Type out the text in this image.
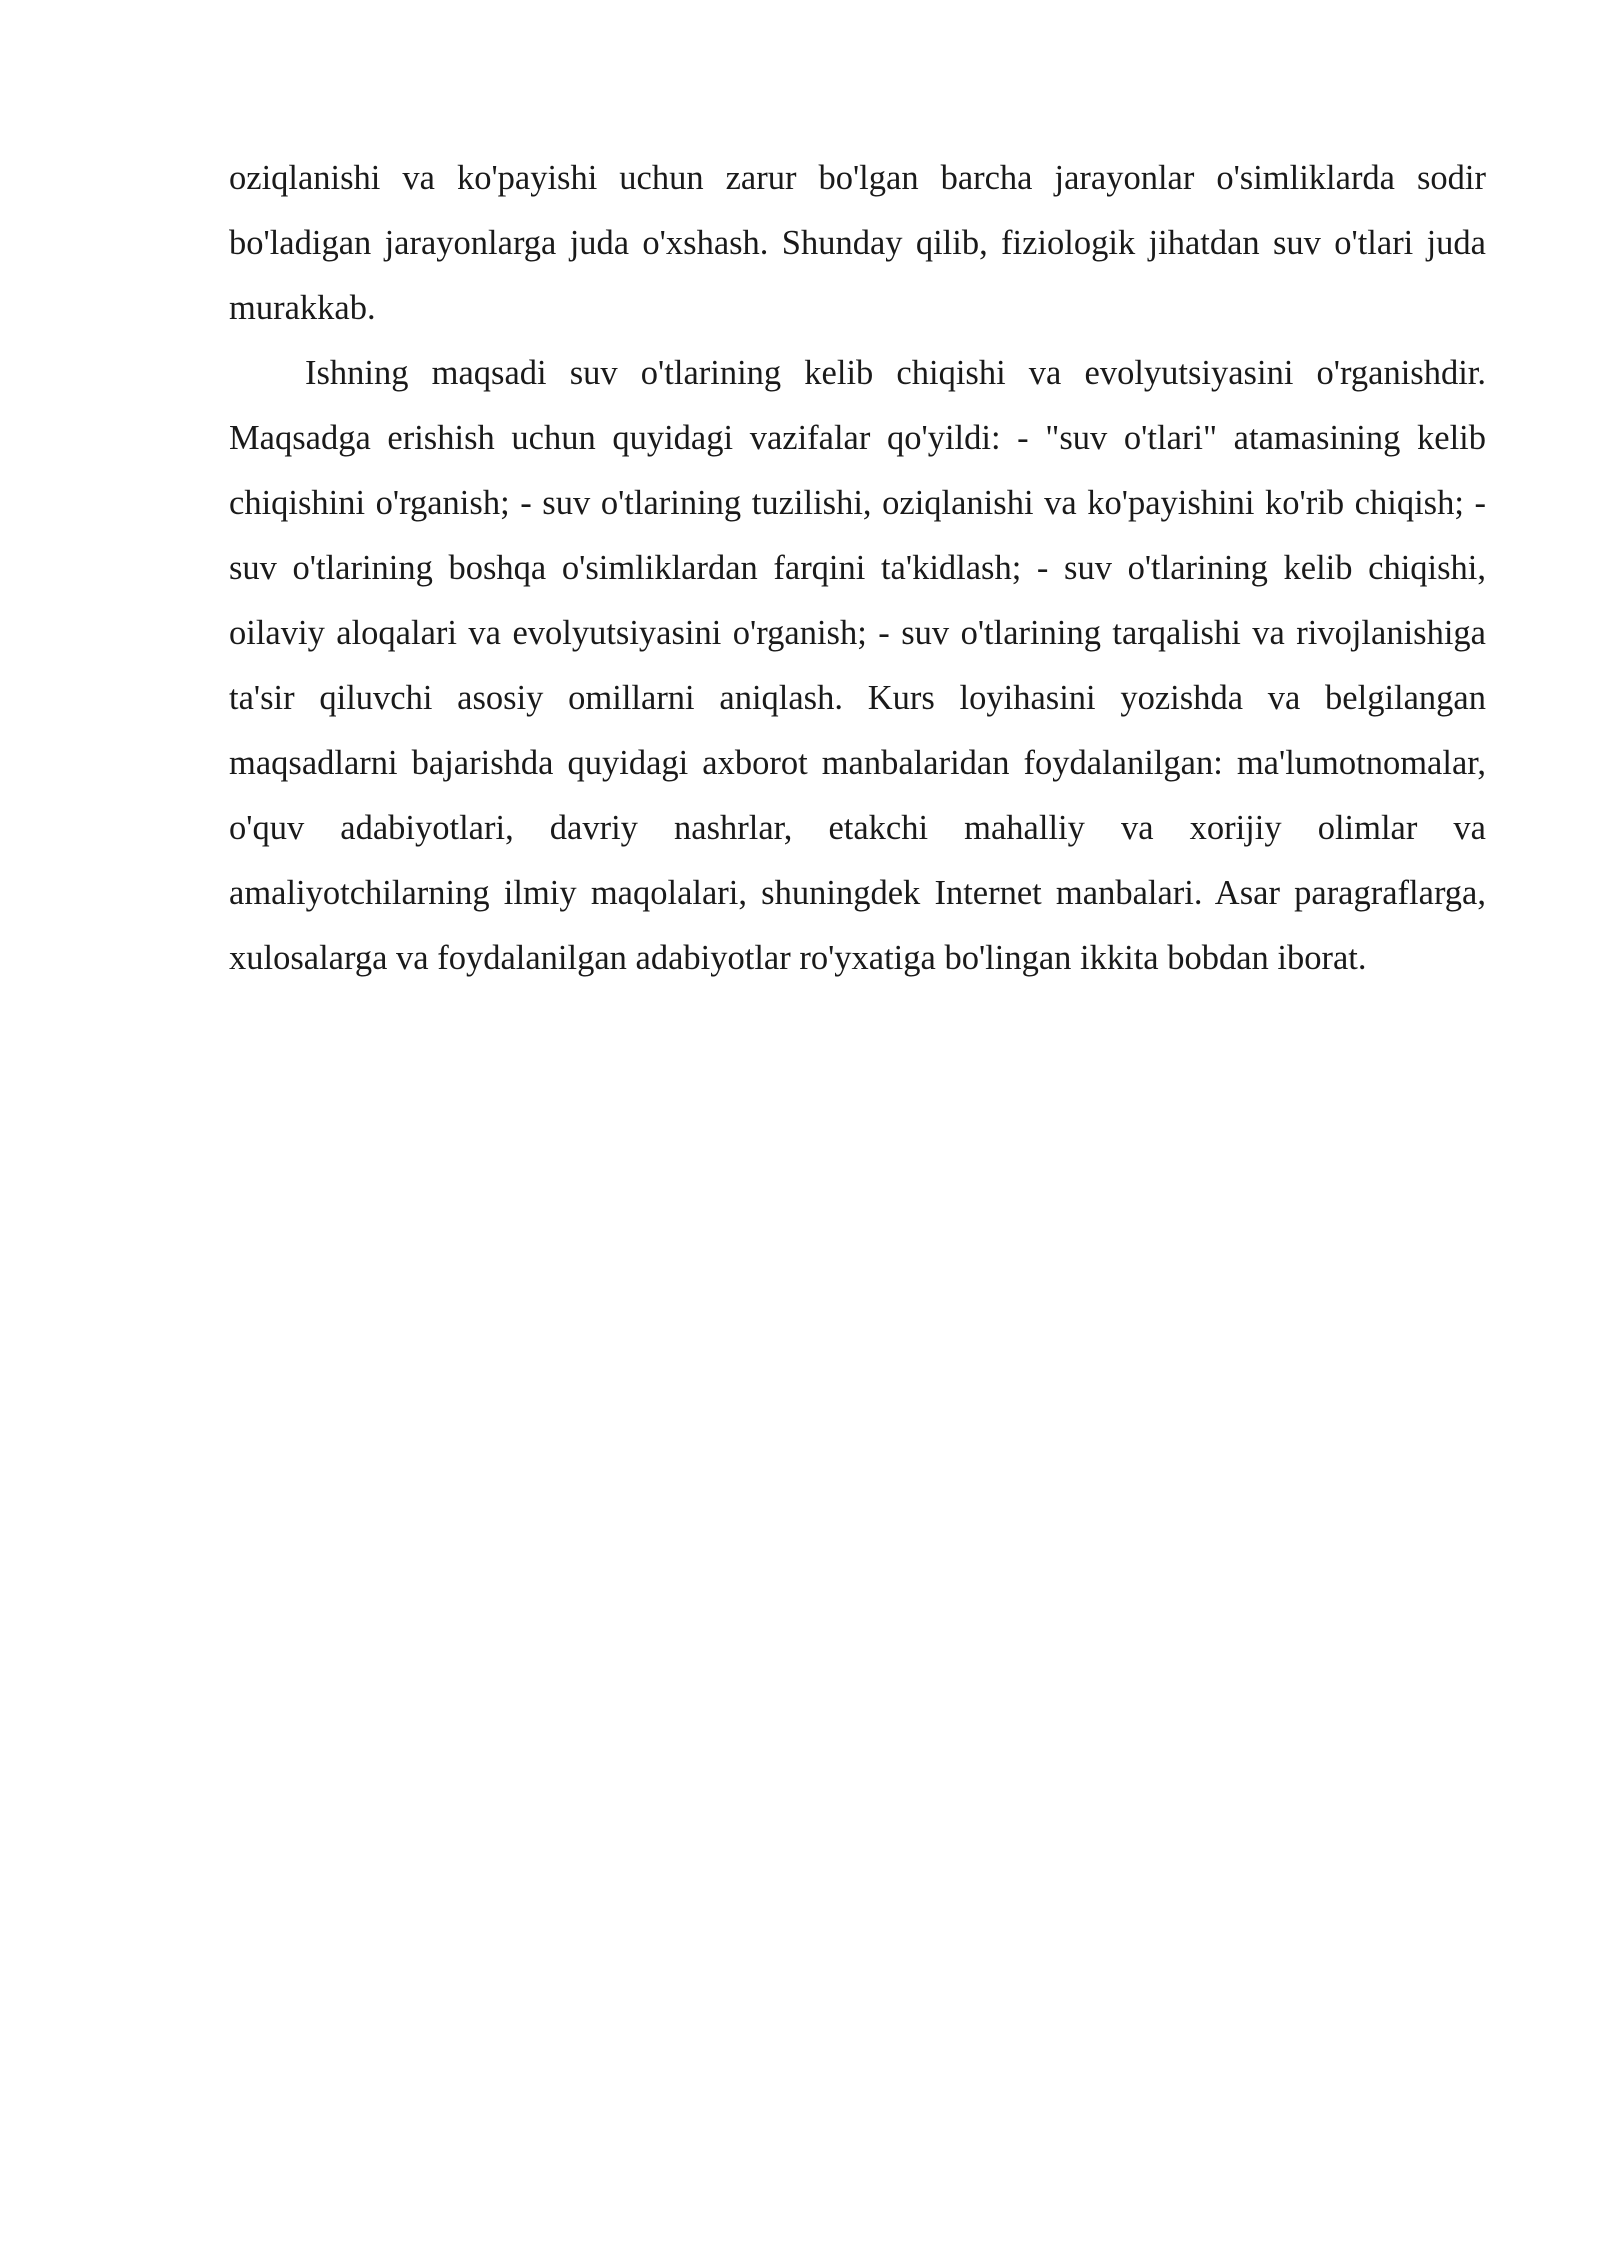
oziqlanishi va ko'payishi uchun zarur bo'lgan barcha jarayonlar o'simliklarda sodir bo'ladigan jarayonlarga juda o'xshash. Shunday qilib, fiziologik jihatdan suv o'tlari juda murakkab.

Ishning maqsadi suv o'tlarining kelib chiqishi va evolyutsiyasini o'rganishdir. Maqsadga erishish uchun quyidagi vazifalar qo'yildi: - "suv o'tlari" atamasining kelib chiqishini o'rganish; - suv o'tlarining tuzilishi, oziqlanishi va ko'payishini ko'rib chiqish; - suv o'tlarining boshqa o'simliklardan farqini ta'kidlash; - suv o'tlarining kelib chiqishi, oilaviy aloqalari va evolyutsiyasini o'rganish; - suv o'tlarining tarqalishi va rivojlanishiga ta'sir qiluvchi asosiy omillarni aniqlash. Kurs loyihasini yozishda va belgilangan maqsadlarni bajarishda quyidagi axborot manbalaridan foydalanilgan: ma'lumotnomalar, o'quv adabiyotlari, davriy nashrlar, etakchi mahalliy va xorijiy olimlar va amaliyotchilarning ilmiy maqolalari, shuningdek Internet manbalari. Asar paragraflarga, xulosalarga va foydalanilgan adabiyotlar ro'yxatiga bo'lingan ikkita bobdan iborat.
